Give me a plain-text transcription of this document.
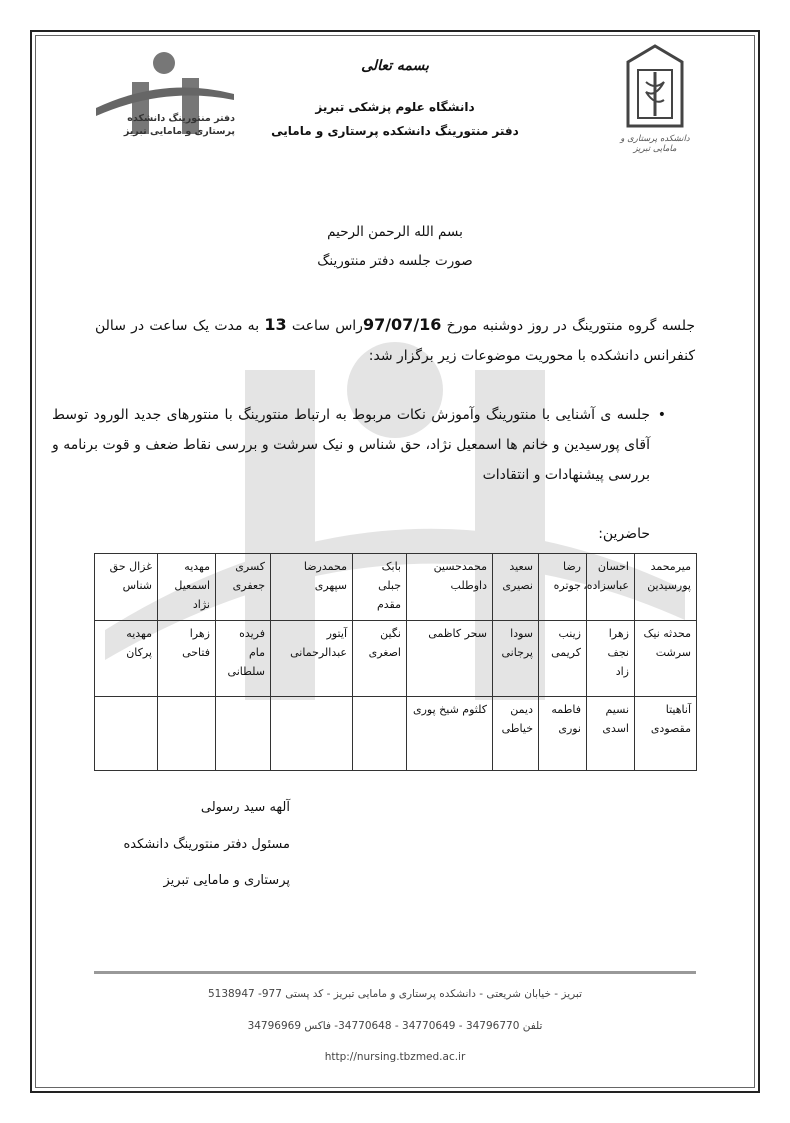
دفتر منتورینگ دانشکده
پرستاری و مامایی تبریز
دانشکده پرستاری و مامایی تبریز
بسمه تعالی
دانشگاه علوم پزشکی تبریز
دفتر منتورینگ دانشکده پرستاری و مامایی
بسم الله الرحمن الرحیم
صورت جلسه دفتر منتورینگ
جلسه گروه منتورینگ در روز دوشنبه مورخ 97/07/16راس ساعت 13 به مدت یک ساعت در سالن کنفرانس دانشکده با محوریت موضوعات زیر برگزار شد:
•
جلسه ی آشنایی با منتورینگ وآموزش نکات مربوط به ارتباط منتورینگ با منتورهای جدید الورود توسط آقای پورسیدین و خانم ها اسمعیل نژاد، حق شناس و نیک سرشت و بررسی نقاط ضعف و قوت برنامه و بررسی پیشنهادات و انتقادات
حاضرین:
میرمحمد پورسیدین	احسان عباسزاده،	رضا جوتره	سعید نصیری	محمدحسین داوطلب	بابک جبلی مقدم	محمدرضا سپهری	کسری جعفری	مهدیه اسمعیل نژاد	غزال حق شناس
محدثه نیک سرشت	زهرا نجف زاد	زینب کریمی	سودا پرجانی	سحر کاظمی	نگین اصغری	آیتور عبدالرحمانی	فریده مام سلطانی	زهرا فتاحی	مهدیه پرکان
آناهیتا مقصودی	نسیم اسدی	فاطمه نوری	دیمن خیاطی	کلثوم شیخ پوری					
آلهه سید رسولی
مسئول دفتر منتورینگ دانشکده
پرستاری و مامایی تبریز
تبریز - خیابان شریعتی - دانشکده پرستاری و مامایی تبریز - کد پستی 977- 5138947
تلفن 34796770 - 34770649 - 34770648- فاکس 34796969
http://nursing.tbzmed.ac.ir
